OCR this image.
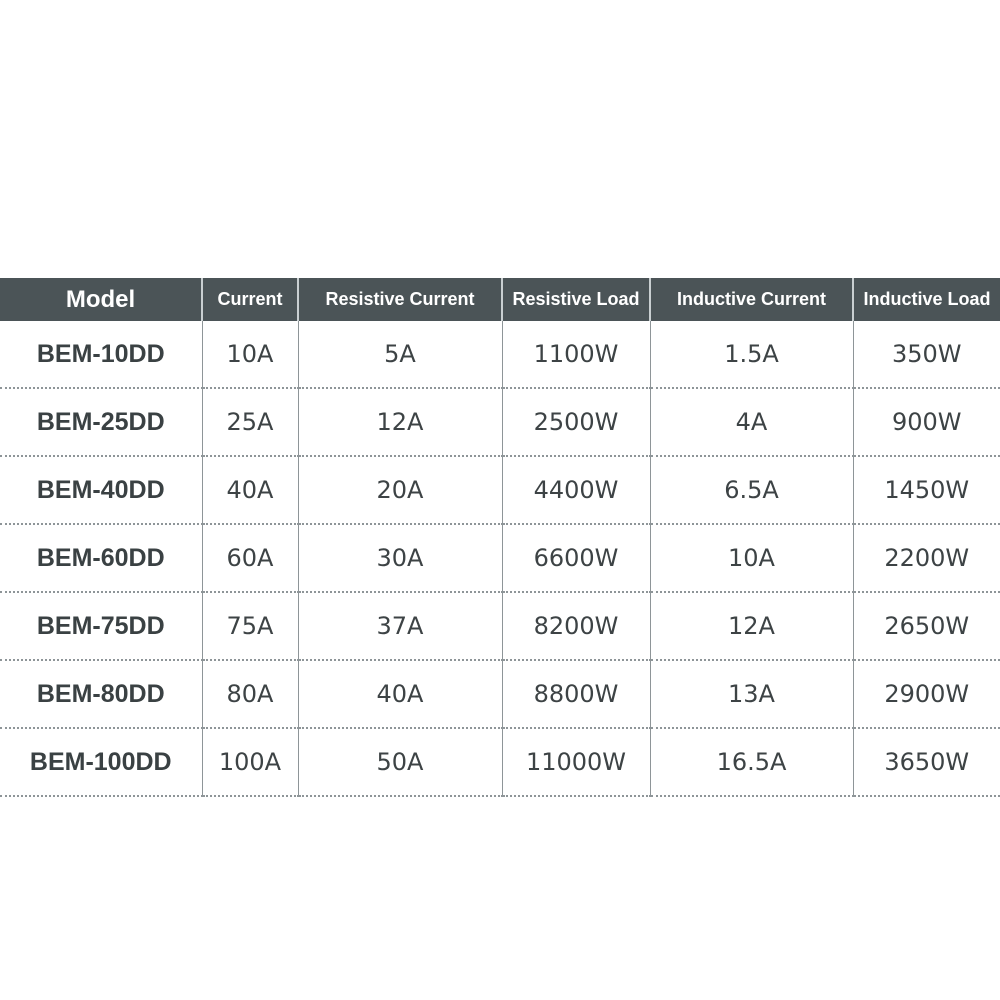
Model	Current	Resistive Current	Resistive Load	Inductive Current	Inductive Load
BEM-10DD	10A	5A	1100W	1.5A	350W
BEM-25DD	25A	12A	2500W	4A	900W
BEM-40DD	40A	20A	4400W	6.5A	1450W
BEM-60DD	60A	30A	6600W	10A	2200W
BEM-75DD	75A	37A	8200W	12A	2650W
BEM-80DD	80A	40A	8800W	13A	2900W
BEM-100DD	100A	50A	11000W	16.5A	3650W
